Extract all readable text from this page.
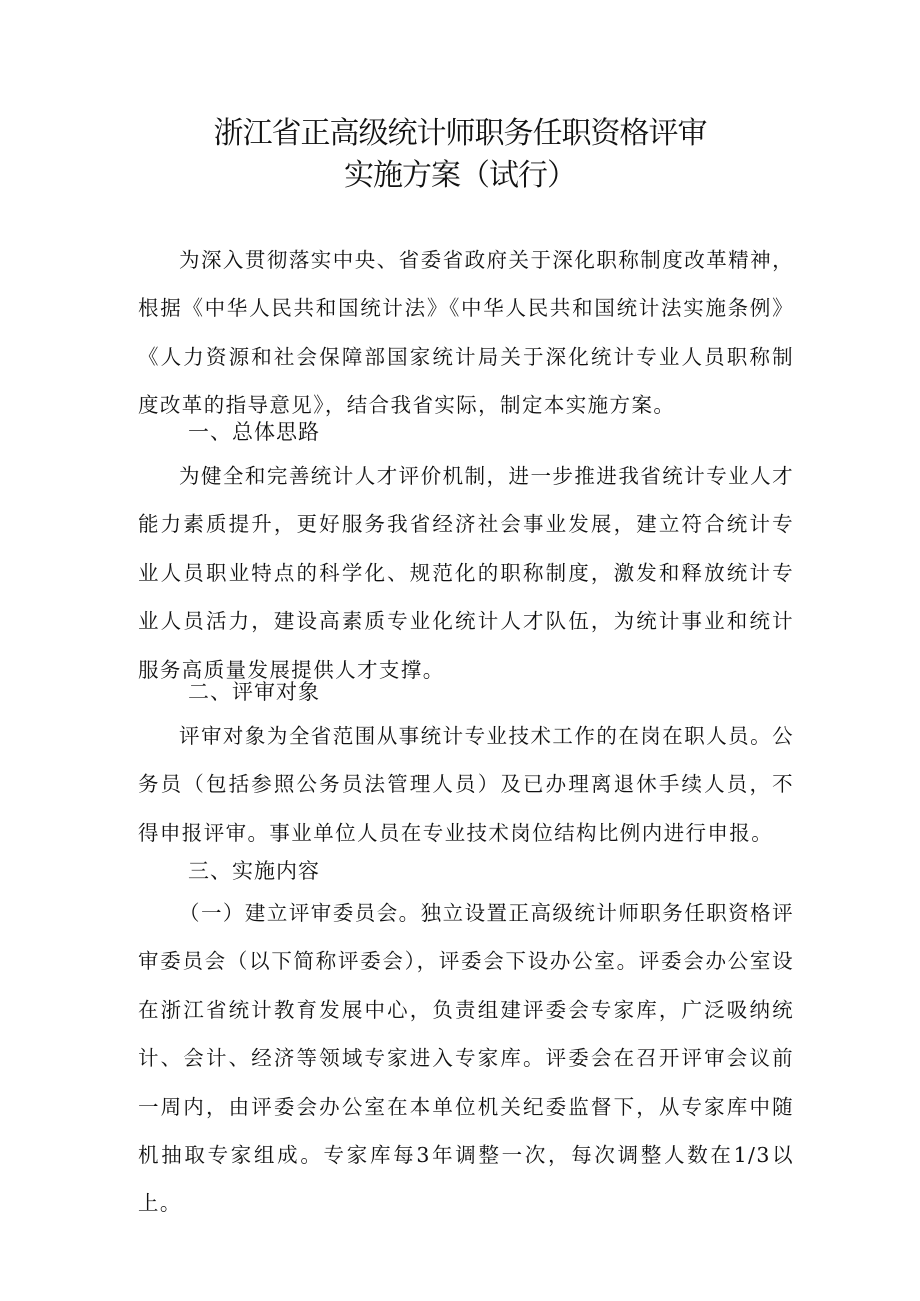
浙江省正高级统计师职务任职资格评审
实施方案（试行）
为深入贯彻落实中央、省委省政府关于深化职称制度改革精神，根据《中华人民共和国统计法》《中华人民共和国统计法实施条例》《人力资源和社会保障部国家统计局关于深化统计专业人员职称制度改革的指导意见》，结合我省实际，制定本实施方案。
一、总体思路
为健全和完善统计人才评价机制，进一步推进我省统计专业人才能力素质提升，更好服务我省经济社会事业发展，建立符合统计专业人员职业特点的科学化、规范化的职称制度，激发和释放统计专业人员活力，建设高素质专业化统计人才队伍，为统计事业和统计服务高质量发展提供人才支撑。
二、评审对象
评审对象为全省范围从事统计专业技术工作的在岗在职人员。公务员（包括参照公务员法管理人员）及已办理离退休手续人员，不得申报评审。事业单位人员在专业技术岗位结构比例内进行申报。
三、实施内容
（一）建立评审委员会。独立设置正高级统计师职务任职资格评审委员会（以下简称评委会），评委会下设办公室。评委会办公室设在浙江省统计教育发展中心，负责组建评委会专家库，广泛吸纳统计、会计、经济等领域专家进入专家库。评委会在召开评审会议前一周内，由评委会办公室在本单位机关纪委监督下，从专家库中随机抽取专家组成。专家库每3年调整一次，每次调整人数在1/3以上。
